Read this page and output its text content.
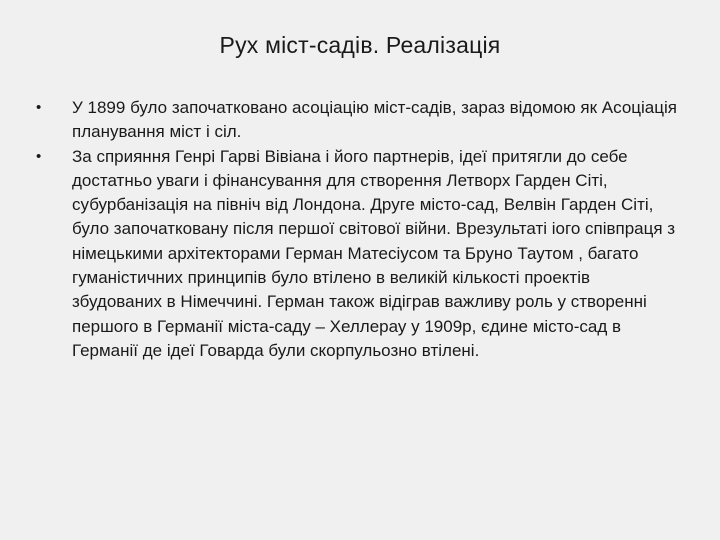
Рух міст-садів. Реалізація
•	У 1899 було започатковано асоціацію міст-садів, зараз відомою як Асоціація планування міст і сіл.
•	За сприяння Генрі Гарві Вівіана і його партнерів, ідеї притягли до себе достатньо уваги і фінансування для створення Летворх Гарден Сіті, субурбанізація на північ від Лондона. Друге місто-сад, Велвін Гарден Сіті, було започатковану після першої світової війни. Врезультаті іого співпраця з німецькими архітекторами Герман Матесіусом та Бруно Таутом , багато гуманістичних принципів було втілено в великій кількості проектів збудованих в Німеччині. Герман також відіграв важливу роль у створенні першого в Германії міста-саду – Хеллерау у 1909р, єдине місто-сад в Германії де ідеї Говарда були скорпульозно втілені.
